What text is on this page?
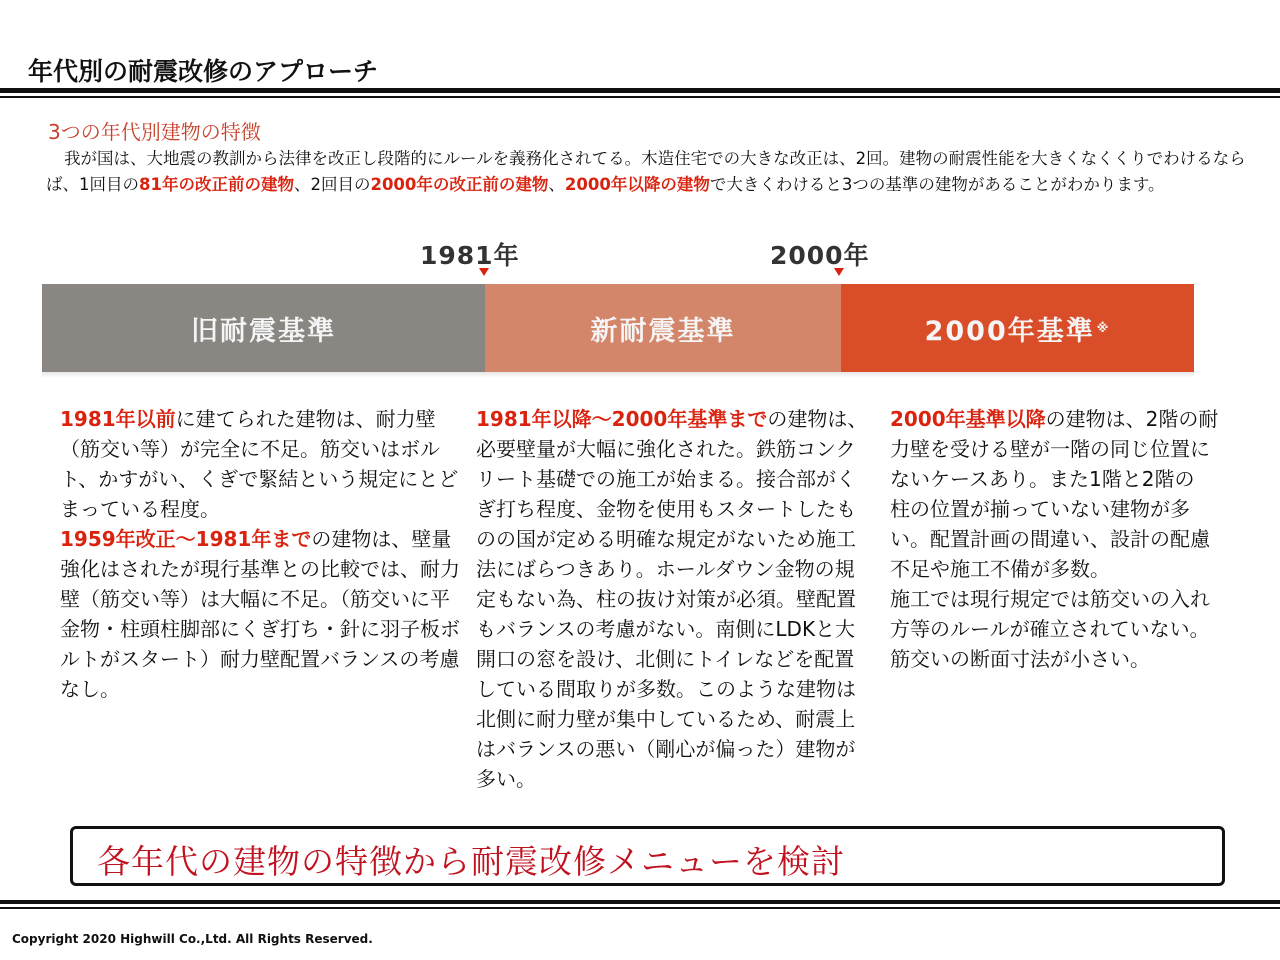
年代別の耐震改修のアプローチ
3つの年代別建物の特徴
我が国は、大地震の教訓から法律を改正し段階的にルールを義務化されてる。木造住宅での大きな改正は、2回。建物の耐震性能を大きくなくくりでわけるならば、1回目の81年の改正前の建物、2回目の2000年の改正前の建物、2000年以降の建物で大きくわけると3つの基準の建物があることがわかります。
1981年	2000年
旧耐震基準	新耐震基準	2000年基準 ※
1981年以前に建てられた建物は、耐力壁（筋交い等）が完全に不足。筋交いはボルト、かすがい、くぎで緊結という規定にとどまっている程度。
1959年改正～1981年までの建物は、壁量強化はされたが現行基準との比較では、耐力壁（筋交い等）は大幅に不足。（筋交いに平金物・柱頭柱脚部にくぎ打ち・針に羽子板ボルトがスタート）耐力壁配置バランスの考慮なし。
1981年以降～2000年基準までの建物は、必要壁量が大幅に強化された。鉄筋コンクリート基礎での施工が始まる。接合部がくぎ打ち程度、金物を使用もスタートしたものの国が定める明確な規定がないため施工法にばらつきあり。ホールダウン金物の規定もない為、柱の抜け対策が必須。壁配置もバランスの考慮がない。南側にLDKと大開口の窓を設け、北側にトイレなどを配置している間取りが多数。このような建物は北側に耐力壁が集中しているため、耐震上はバランスの悪い（剛心が偏った）建物が多い。
2000年基準以降の建物は、2階の耐力壁を受ける壁が一階の同じ位置にないケースあり。また1階と2階の 柱の位置が揃っていない建物が多い。配置計画の間違い、設計の配慮不足や施工不備が多数。
施工では現行規定では筋交いの入れ方等のルールが確立されていない。筋交いの断面寸法が小さい。
各年代の建物の特徴から耐震改修メニューを検討
Copyright 2020 Highwill Co.,Ltd. All Rights Reserved.
